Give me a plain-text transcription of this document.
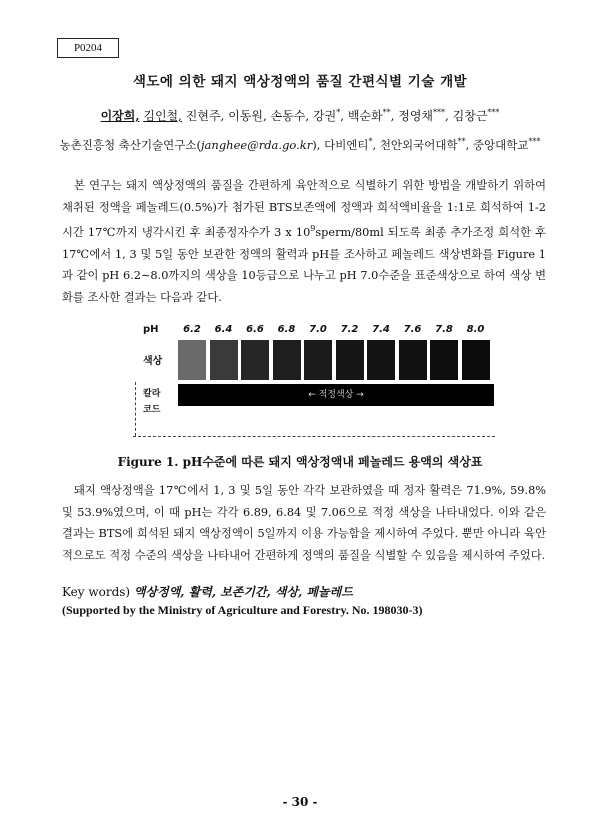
P0204
색도에 의한 돼지 액상정액의 품질 간편식별 기술 개발
이장희, 김인철, 진현주, 이동원, 손동수, 강권*, 백순화**, 정영채***, 김창근***
농촌진흥청 축산기술연구소(janghee@rda.go.kr), 다비엔티*, 천안외국어대학**, 중앙대학교***

본 연구는 돼지 액상정액의 품질을 간편하게 육안적으로 식별하기 위한 방법을 개발하기 위하여 채취된 정액을 페놀레드(0.5%)가 첨가된 BTS보존액에 정액과 희석액비율을 1:1로 희석하여 1-2시간 17℃까지 냉각시킨 후 최종정자수가 3 x $10^9sperm/80ml$ 되도록 최종 추가조정 희석한 후 17℃에서 1, 3 및 5일 동안 보관한 정액의 활력과 pH를 조사하고 페놀레드 색상변화를 Figure 1과 같이 pH 6.2∼8.0까지의 색상을 10등급으로 나누고 pH 7.0수준을 표준색상으로 하여 색상 변화를 조사한 결과는 다음과 같다.

pH
색상
칼라
코드
6.2	6.4	6.6	6.8	7.0	7.2	7.4	7.6	7.8	8.0
← 적정색상 →
Figure 1. pH수준에 따른 돼지 액상정액내 페놀레드 용액의 색상표

돼지 액상정액을 17℃에서 1, 3 및 5일 동안 각각 보관하였을 때 정자 활력은 71.9%, 59.8% 및 53.9%였으며, 이 때 pH는 각각 6.89, 6.84 및 7.06으로 적정 색상을 나타내었다. 이와 같은 결과는 BTS에 희석된 돼지 액상정액이 5일까지 이용 가능함을 제시하여 주었다. 뿐만 아니라 육안적으로도 적정 수준의 색상을 나타내어 간편하게 정액의 품질을 식별할 수 있음을 제시하여 주었다.

Key words) 액상정액, 활력, 보존기간, 색상, 페놀레드
(Supported by the Ministry of Agriculture and Forestry. No. 198030-3)
- 30 -
